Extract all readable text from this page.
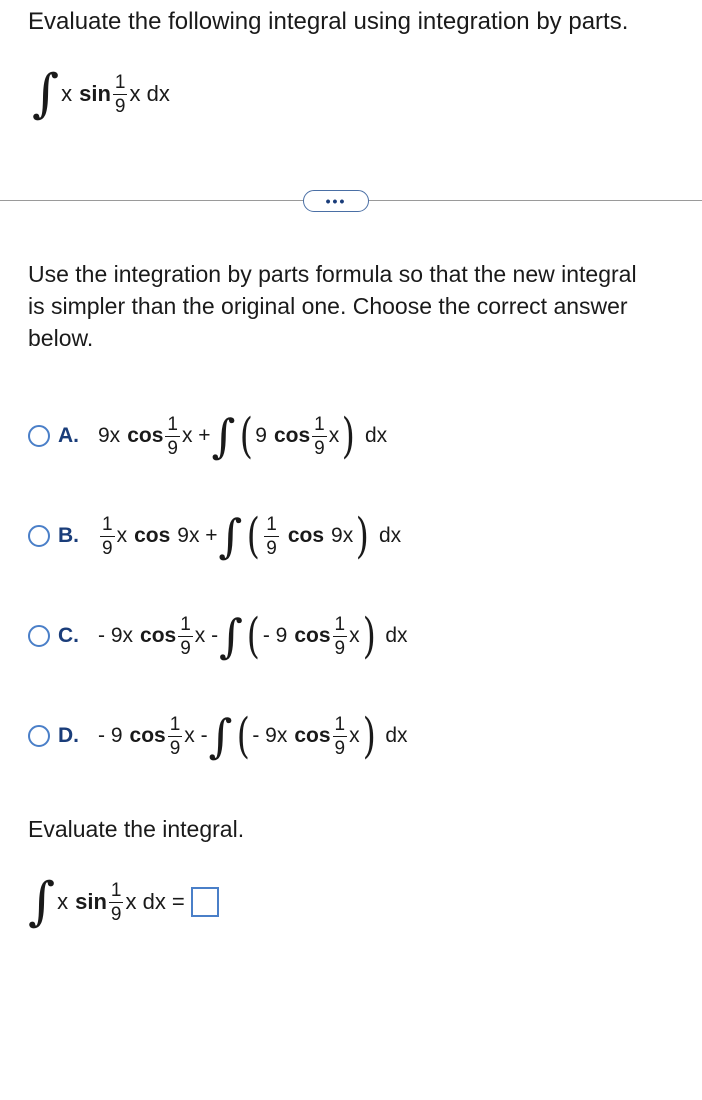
Evaluate the following integral using integration by parts.
∫ x $\sin \frac{1}{9}$ x dx
•••
Use the integration by parts formula so that the new integral is simpler than the original one. Choose the correct answer below.
A. 9x $\cos \frac{1}{9}$ x + ∫ ( 9 $\cos \frac{1}{9}$ x ) dx
B.	$\frac{1}{9}$ x cos 9x + ∫ ( $\frac{1}{9}$ cos 9x ) dx
C. - 9x $\cos \frac{1}{9}$ x - ∫ ( - 9 $\cos \frac{1}{9}$ x ) dx
D. - 9 $\cos \frac{1}{9}$ x - ∫ ( - 9x $\cos \frac{1}{9}$ x ) dx
Evaluate the integral.
∫ x $\sin \frac{1}{9}$ x dx =
